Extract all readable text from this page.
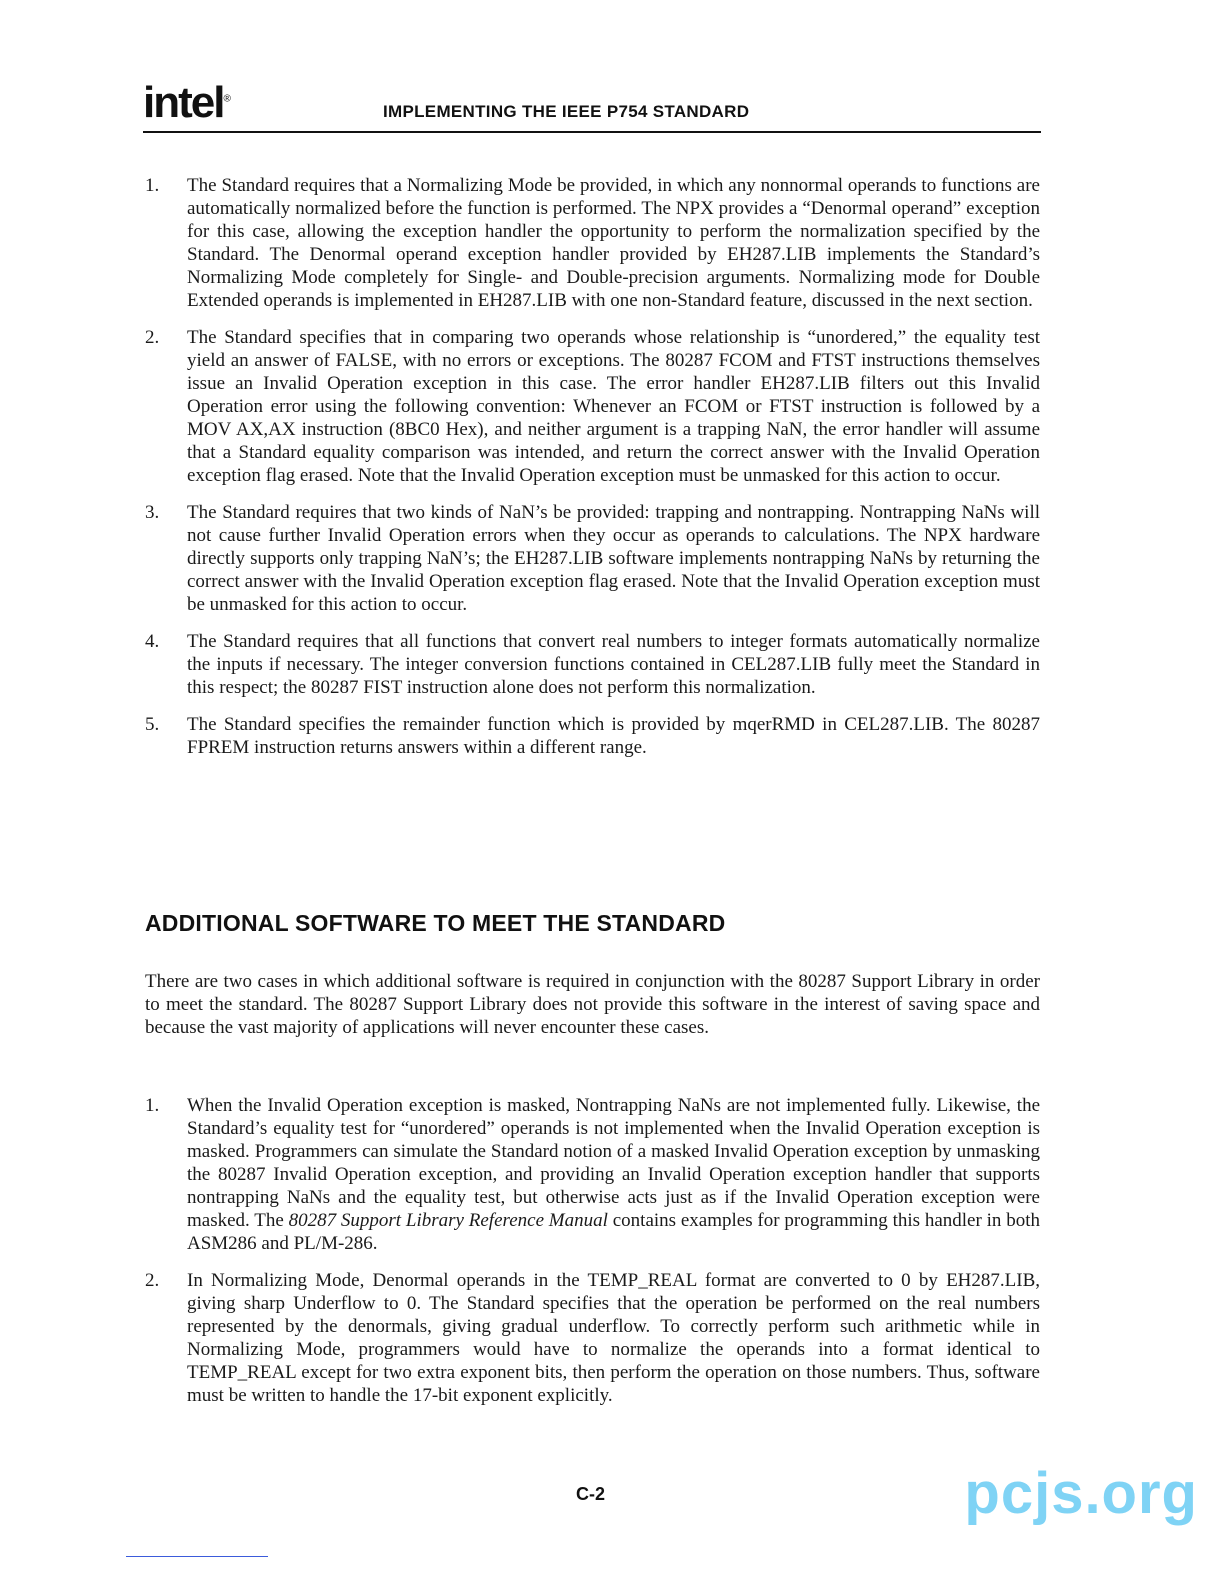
intel®
IMPLEMENTING THE IEEE P754 STANDARD
1.	The Standard requires that a Normalizing Mode be provided, in which any nonnormal operands to functions are automatically normalized before the function is performed. The NPX provides a “Denormal operand” exception for this case, allowing the exception handler the opportunity to perform the normalization specified by the Standard. The Denormal operand exception handler provided by EH287.LIB implements the Standard’s Normalizing Mode completely for Single- and Double-precision arguments. Normalizing mode for Double Extended operands is implemented in EH287.LIB with one non-Standard feature, discussed in the next section.
2.	The Standard specifies that in comparing two operands whose relationship is “unordered,” the equality test yield an answer of FALSE, with no errors or exceptions. The 80287 FCOM and FTST instructions themselves issue an Invalid Operation exception in this case. The error handler EH287.LIB filters out this Invalid Operation error using the following convention: Whenever an FCOM or FTST instruction is followed by a MOV AX,AX instruction (8BC0 Hex), and neither argument is a trapping NaN, the error handler will assume that a Standard equality comparison was intended, and return the correct answer with the Invalid Operation exception flag erased. Note that the Invalid Operation exception must be unmasked for this action to occur.
3.	The Standard requires that two kinds of NaN’s be provided: trapping and nontrapping. Nontrapping NaNs will not cause further Invalid Operation errors when they occur as operands to calculations. The NPX hardware directly supports only trapping NaN’s; the EH287.LIB software implements nontrapping NaNs by returning the correct answer with the Invalid Operation exception flag erased. Note that the Invalid Operation exception must be unmasked for this action to occur.
4.	The Standard requires that all functions that convert real numbers to integer formats automatically normalize the inputs if necessary. The integer conversion functions contained in CEL287.LIB fully meet the Standard in this respect; the 80287 FIST instruction alone does not perform this normalization.
5.	The Standard specifies the remainder function which is provided by mqerRMD in CEL287.LIB. The 80287 FPREM instruction returns answers within a different range.
ADDITIONAL SOFTWARE TO MEET THE STANDARD

There are two cases in which additional software is required in conjunction with the 80287 Support Library in order to meet the standard. The 80287 Support Library does not provide this software in the interest of saving space and because the vast majority of applications will never encounter these cases.

1.	When the Invalid Operation exception is masked, Nontrapping NaNs are not implemented fully. Likewise, the Standard’s equality test for “unordered” operands is not implemented when the Invalid Operation exception is masked. Programmers can simulate the Standard notion of a masked Invalid Operation exception by unmasking the 80287 Invalid Operation exception, and providing an Invalid Operation exception handler that supports nontrapping NaNs and the equality test, but otherwise acts just as if the Invalid Operation exception were masked. The 80287 Support Library Reference Manual contains examples for programming this handler in both ASM286 and PL/M-286.
2.	In Normalizing Mode, Denormal operands in the TEMP_REAL format are converted to 0 by EH287.LIB, giving sharp Underflow to 0. The Standard specifies that the operation be performed on the real numbers represented by the denormals, giving gradual underflow. To correctly perform such arithmetic while in Normalizing Mode, programmers would have to normalize the operands into a format identical to TEMP_REAL except for two extra exponent bits, then perform the operation on those numbers. Thus, software must be written to handle the 17-bit exponent explicitly.
C-2	pcjs.org
